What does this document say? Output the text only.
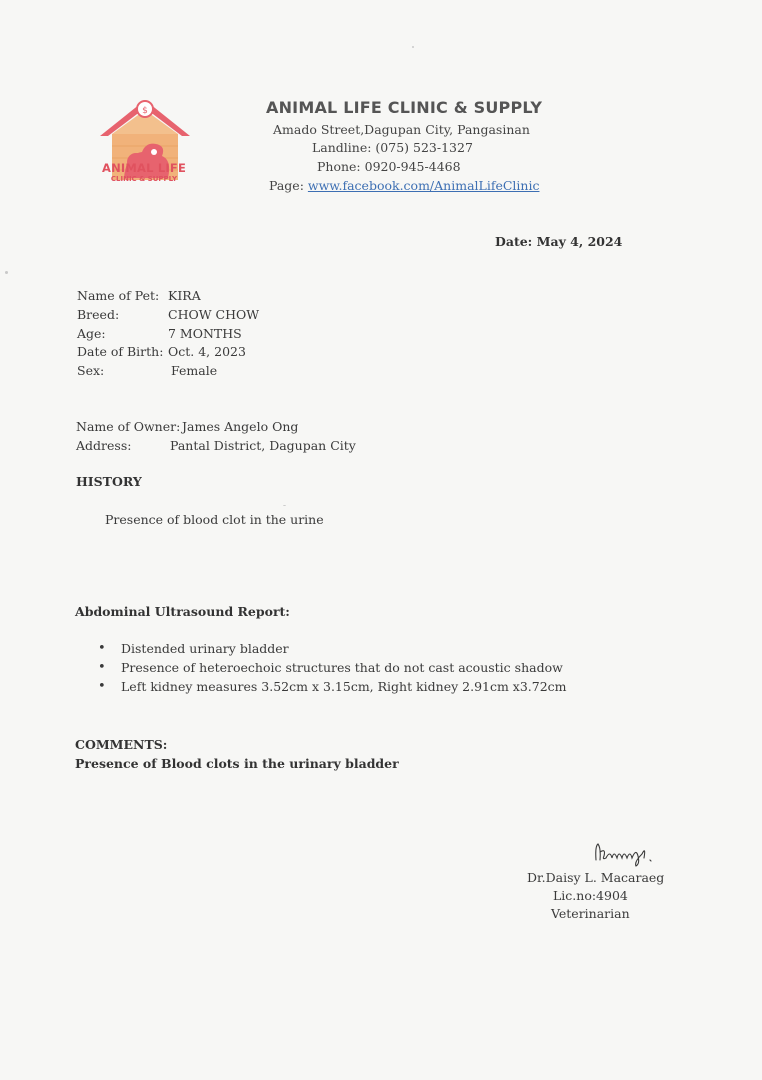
$
ANIMAL LIFE
CLINIC & SUPPLY
ANIMAL LIFE CLINIC & SUPPLY
Amado Street,Dagupan City, Pangasinan
Landline: (075) 523-1327
Phone: 0920-945-4468
Page: www.facebook.com/AnimalLifeClinic
Date: May 4, 2024
Name of Pet: KIRA
Breed:	CHOW CHOW
Age:	7 MONTHS
Date of Birth: Oct. 4, 2023
Sex:	Female
Name of Owner: James Angelo Ong
Address:	Pantal District, Dagupan City
HISTORY
Presence of blood clot in the urine
Abdominal Ultrasound Report:
• Distended urinary bladder
• Presence of heteroechoic structures that do not cast acoustic shadow
• Left kidney measures 3.52cm x 3.15cm, Right kidney 2.91cm x3.72cm
COMMENTS:
Presence of Blood clots in the urinary bladder
Dr.Daisy L. Macaraeg
Lic.no:4904
Veterinarian
